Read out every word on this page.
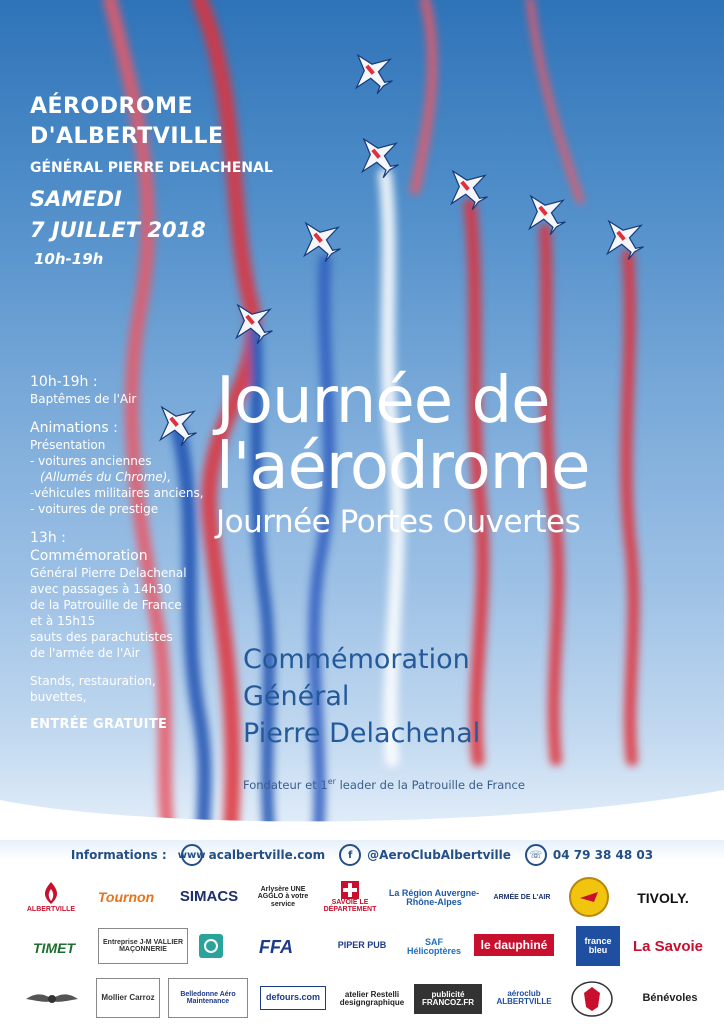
AÉRODROME
D'ALBERTVILLE
GÉNÉRAL PIERRE DELACHENAL
SAMEDI
7 JUILLET 2018
10h-19h
10h-19h :
Baptêmes de l'Air
Animations :
Présentation
- voitures anciennes
(Allumés du Chrome),
-véhicules militaires anciens,
- voitures de prestige
13h :
Commémoration
Général Pierre Delachenal
avec passages à 14h30
de la Patrouille de France
et à 15h15
sauts des parachutistes
de l'armée de l'Air
Stands, restauration,
buvettes,
ENTRÉE GRATUITE
Journée de
l'aérodrome
Journée Portes Ouvertes
Commémoration
Général
Pierre Delachenal
Fondateur et 1er leader de la Patrouille de France
Informations : www acalbertville.com	f	@AeroClubAlbertville	☏ 04 79 38 48 03
ALBERTVILLE
Tournon	SIMACS	Arlysère UNE AGGLO à votre service	SAVOIE LE DÉPARTEMENT
La Région Auvergne-Rhône-Alpes	ARMÉE DE L'AIR	TIVOLY.
TIMET	Entreprise J-M VALLIER MAÇONNERIE	FFA	PIPER PUB	SAF Hélicoptères	le dauphiné	france bleu	La Savoie
Mollier Carroz	Belledonne Aéro Maintenance	defours.com	atelier Restelli designgraphique
publicité FRANCOZ.FR
aéroclub ALBERTVILLE	Bénévoles
